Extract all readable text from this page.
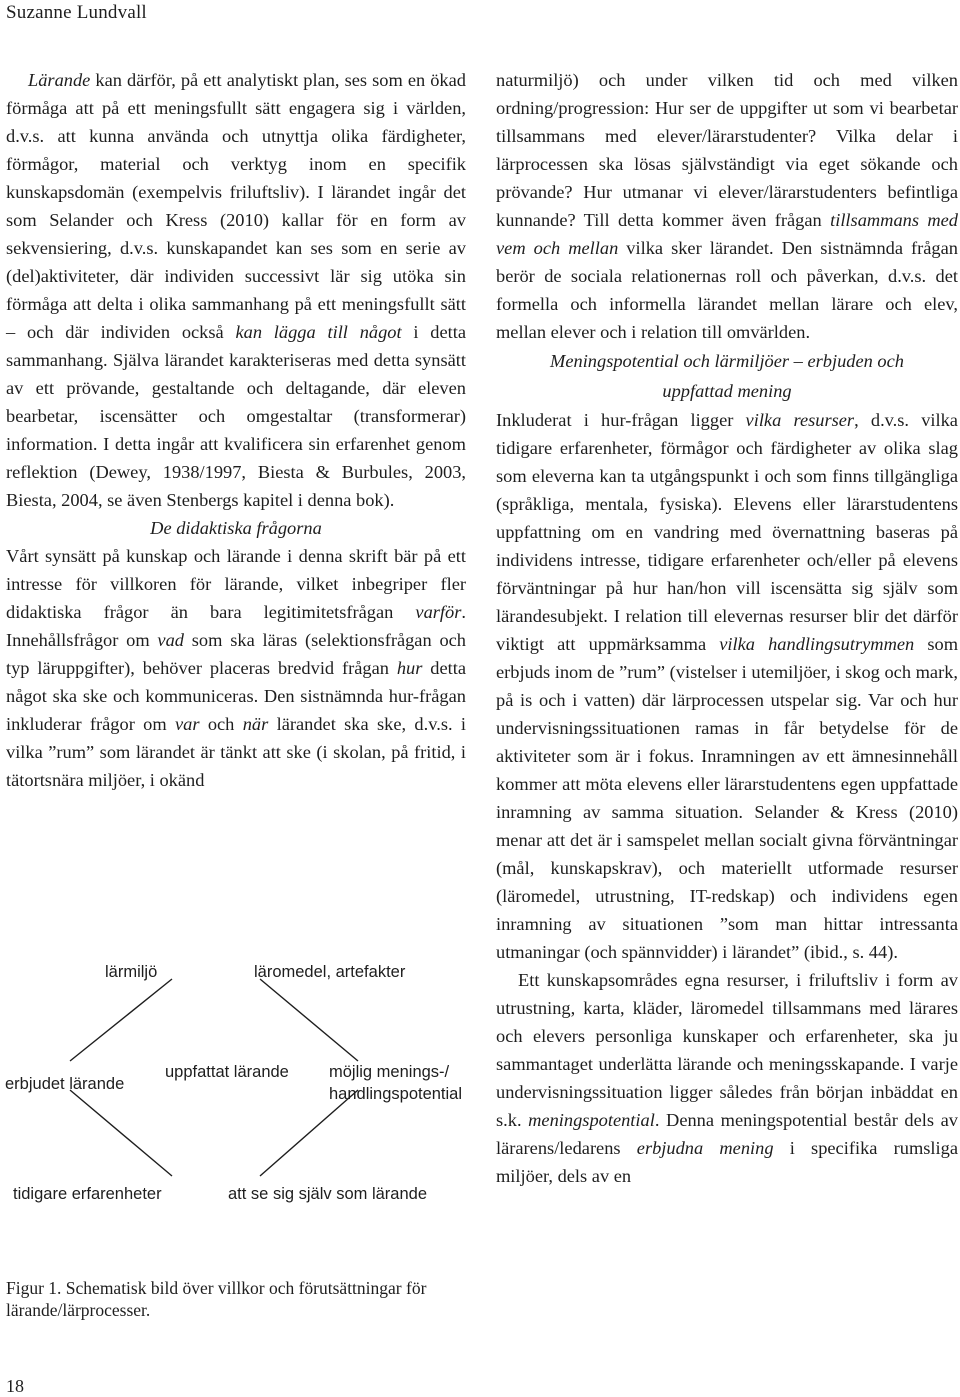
Suzanne Lundvall

Lärande kan därför, på ett analytiskt plan, ses som en ökad förmåga att på ett meningsfullt sätt engagera sig i världen, d.v.s. att kunna använda och utnyttja olika färdigheter, förmågor, material och verktyg inom en specifik kunskapsdomän (exempelvis friluftsliv). I lärandet ingår det som Selander och Kress (2010) kallar för en form av sekvensiering, d.v.s. kunskapandet kan ses som en serie av (del)aktiviteter, där individen successivt lär sig utöka sin förmåga att delta i olika sammanhang på ett meningsfullt sätt – och där individen också kan lägga till något i detta sammanhang. Själva lärandet karakteriseras med detta synsätt av ett prövande, gestaltande och deltagande, där eleven bearbetar, iscensätter och omgestaltar (transformerar) information. I detta ingår att kvalificera sin erfarenhet genom reflektion (Dewey, 1938/1997, Biesta & Burbules, 2003, Biesta, 2004, se även Stenbergs kapitel i denna bok).

De didaktiska frågorna

Vårt synsätt på kunskap och lärande i denna skrift bär på ett intresse för villkoren för lärande, vilket inbegriper fler didaktiska frågor än bara legitimitetsfrågan varför. Innehållsfrågor om vad som ska läras (selektionsfrågan och typ läruppgifter), behöver placeras bredvid frågan hur detta något ska ske och kommuniceras. Den sistnämnda hur-frågan inkluderar frågor om var och när lärandet ska ske, d.v.s. i vilka ”rum” som lärandet är tänkt att ske (i skolan, på fritid, i tätortsnära miljöer, i okänd

lärmiljö	läromedel, artefakter
erbjudet lärande
uppfattat lärande möjlig menings-/
handlingspotential
tidigare erfarenheter	att se sig själv som lärande
Figur 1. Schematisk bild över villkor och förutsättningar för lärande/lärprocesser.
18

naturmiljö) och under vilken tid och med vilken ordning/progression: Hur ser de uppgifter ut som vi bearbetar tillsammans med elever/lärarstudenter? Vilka delar i lärprocessen ska lösas självständigt via eget sökande och prövande? Hur utmanar vi elever/lärarstudenters befintliga kunnande? Till detta kommer även frågan tillsammans med vem och mellan vilka sker lärandet. Den sistnämnda frågan berör de sociala relationernas roll och påverkan, d.v.s. det formella och informella lärandet mellan lärare och elev, mellan elever och i relation till omvärlden.

Meningspotential och lärmiljöer – erbjuden och
uppfattad mening

Inkluderat i hur-frågan ligger vilka resurser, d.v.s. vilka tidigare erfarenheter, förmågor och färdigheter av olika slag som eleverna kan ta utgångspunkt i och som finns tillgängliga (språkliga, mentala, fysiska). Elevens eller lärarstudentens uppfattning om en vandring med övernattning baseras på individens intresse, tidigare erfarenheter och/eller på elevens förväntningar på hur han/hon vill iscensätta sig själv som lärandesubjekt. I relation till elevernas resurser blir det därför viktigt att uppmärksamma vilka handlingsutrymmen som erbjuds inom de ”rum” (vistelser i utemiljöer, i skog och mark, på is och i vatten) där lärprocessen utspelar sig. Var och hur undervisningssituationen ramas in får betydelse för de aktiviteter som är i fokus. Inramningen av ett ämnesinnehåll kommer att möta elevens eller lärarstudentens egen uppfattade inramning av samma situation. Selander & Kress (2010) menar att det är i samspelet mellan socialt givna förväntningar (mål, kunskapskrav), och materiellt utformade resurser (läromedel, utrustning, IT-redskap) och individens egen inramning av situationen ”som man hittar intressanta utmaningar (och spännvidder) i lärandet” (ibid., s. 44).

Ett kunskapsområdes egna resurser, i friluftsliv i form av utrustning, karta, kläder, läromedel tillsammans med lärares och elevers personliga kunskaper och erfarenheter, ska ju sammantaget underlätta lärande och meningsskapande. I varje undervisningssituation ligger således från början inbäddat en s.k. meningspotential. Denna meningspotential består dels av lärarens/ledarens erbjudna mening i specifika rumsliga miljöer, dels av en
